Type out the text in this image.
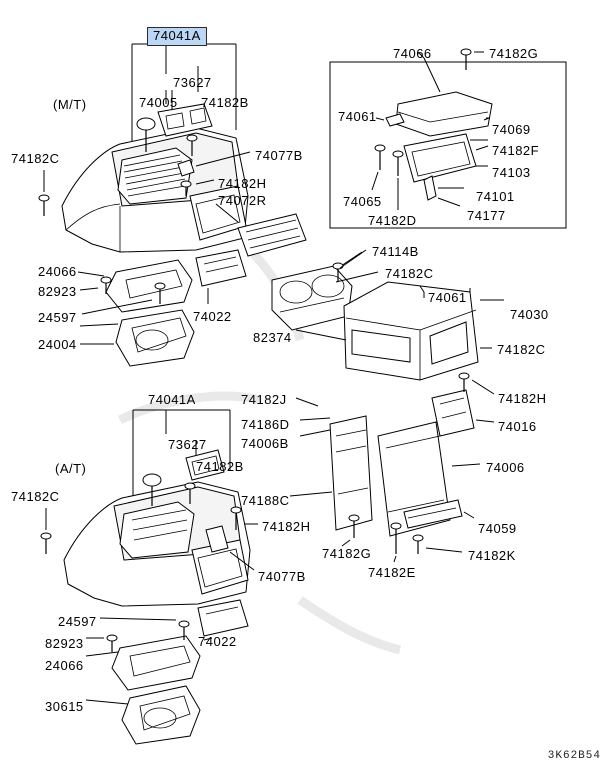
74041A
73627
74005 74182B
(M/T)
74182C	74077B
74182H
74072R
74066	74182G
74061
74069
74182F
74103
74101
74177
74065
74182D
74114B
74182C
24066
82923
24597
24004
74022
82374
74061
74030
74182C
74041A	74182J
74186D
74006B
73627
74182B
(A/T)
74188C
74182C
74182H
74182G
74182E
74077B
74182H
74016
74006
74059
74182K
24597
82923
24066
30615
74022
3K62B54
